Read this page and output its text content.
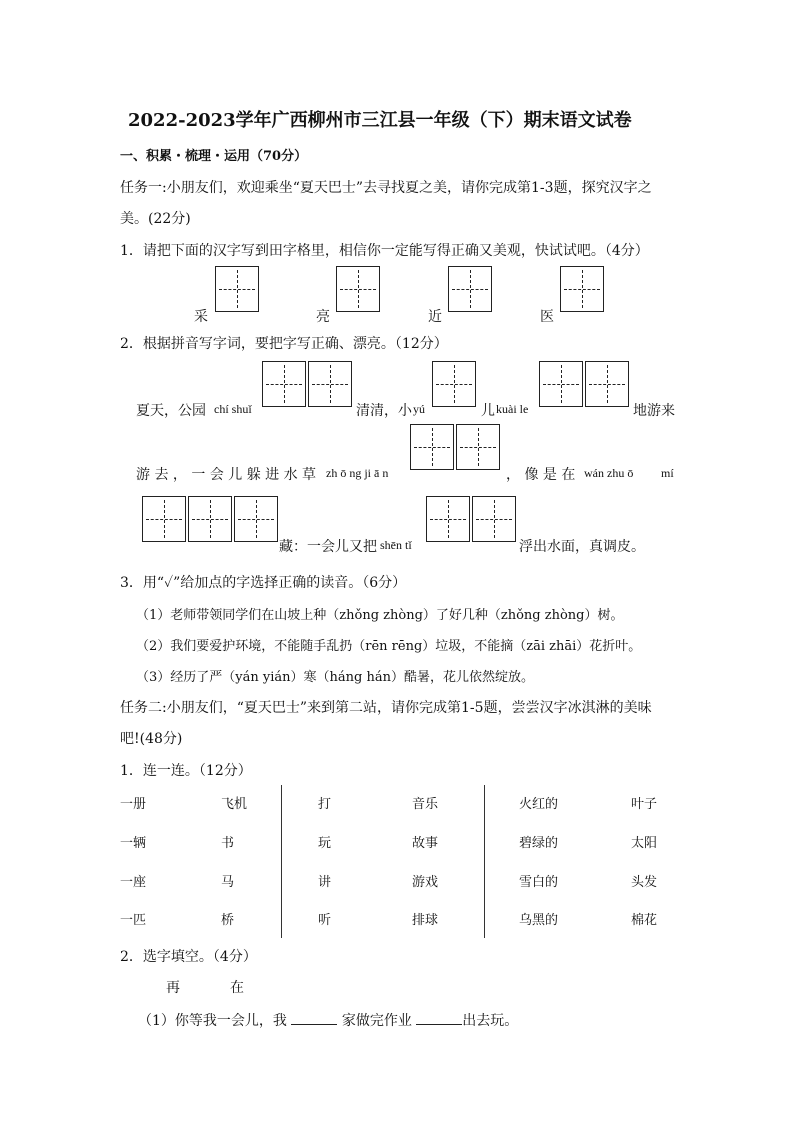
2022-2023学年广西柳州市三江县一年级（下）期末语文试卷
一、积累・梳理・运用（70分）
任务一:小朋友们，欢迎乘坐“夏天巴士”去寻找夏之美，请你完成第1-3题，探究汉字之
美。(22分)
1．请把下面的汉字写到田字格里，相信你一定能写得正确又美观，快试试吧。（4分）
采	亮	近	医
2．根据拼音写字词，要把字写正确、漂亮。（12分）
夏天，公园 chí shuǐ	清清，小 yú	儿 kuài le	地游来
游 去 ， 一 会 儿 躲 进 水 草 zh ō ng ji ā n	， 像 是 在 wán zhu ō mí
藏：一会儿又把 shēn tǐ	浮出水面，真调皮。
3．用“✓”给加点的字选择正确的读音。（6分）
（1）老师带领同学们在山坡上种（zhǒng zhòng）了好几种（zhǒng zhòng）树。
（2）我们要爱护环境，不能随手乱扔（rēn rēng）垃圾，不能摘（zāi zhāi）花折叶。
（3）经历了严（yán yián）寒（háng hán）酷暑，花儿依然绽放。
任务二:小朋友们，“夏天巴士”来到第二站，请你完成第1-5题，尝尝汉字冰淇淋的美味
吧!(48分)
1．连一连。（12分）
一册	飞机	打	音乐	火红的	叶子
一辆	书	玩	故事	碧绿的	太阳
一座	马	讲	游戏	雪白的	头发
一匹	桥	听	排球	乌黑的	棉花
2．选字填空。（4分）
再	在
（1）你等我一会儿，我	家做完作业	出去玩。
